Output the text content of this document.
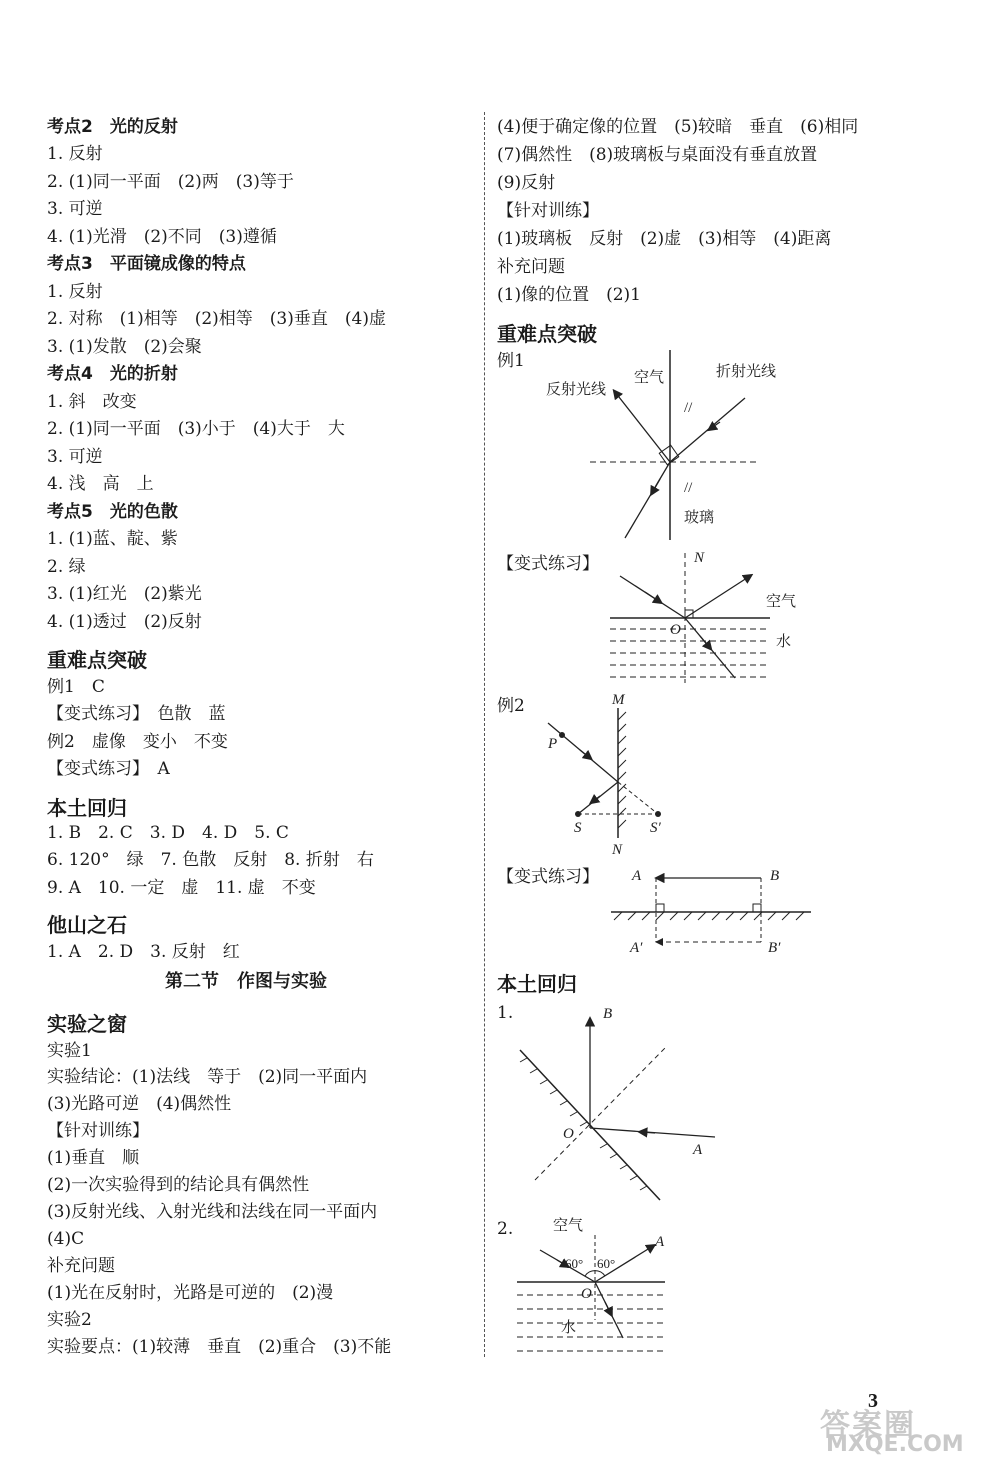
考点2　光的反射
1. 反射
2. (1)同一平面　(2)两　(3)等于
3. 可逆
4. (1)光滑　(2)不同　(3)遵循
考点3　平面镜成像的特点
1. 反射
2. 对称　(1)相等　(2)相等　(3)垂直　(4)虚
3. (1)发散　(2)会聚
考点4　光的折射
1. 斜　改变
2. (1)同一平面　(3)小于　(4)大于　大
3. 可逆
4. 浅　高　上
考点5　光的色散
1. (1)蓝、靛、紫
2. 绿
3. (1)红光　(2)紫光
4. (1)透过　(2)反射
重难点突破
例1　C
【变式练习】　色散　蓝
例2　虚像　变小　不变
【变式练习】　A
本土回归
1. B　2. C　3. D　4. D　5. C
6. 120°　绿　7. 色散　反射　8. 折射　右
9. A　10. 一定　虚　11. 虚　不变
他山之石
1. A　2. D　3. 反射　红
第二节　作图与实验
实验之窗
实验1
实验结论：(1)法线　等于　(2)同一平面内
(3)光路可逆　(4)偶然性
【针对训练】
(1)垂直　顺
(2)一次实验得到的结论具有偶然性
(3)反射光线、入射光线和法线在同一平面内
(4)C
补充问题
(1)光在反射时，光路是可逆的　(2)漫
实验2
实验要点：(1)较薄　垂直　(2)重合　(3)不能
(4)便于确定像的位置　(5)较暗　垂直　(6)相同
(7)偶然性　(8)玻璃板与桌面没有垂直放置
(9)反射
【针对训练】
(1)玻璃板　反射　(2)虚　(3)相等　(4)距离
补充问题
(1)像的位置　(2)1
重难点突破
例1
反射光线
空气	折射光线
//
//
玻璃
【变式练习】	N
O
空气
水
例2	M
P
S	S′
N
【变式练习】 A	B
A′	B′
本土回归
1.	B
O
A
2.	空气
60° 60°
A
O
水
3
答案圈
MXQE.COM
